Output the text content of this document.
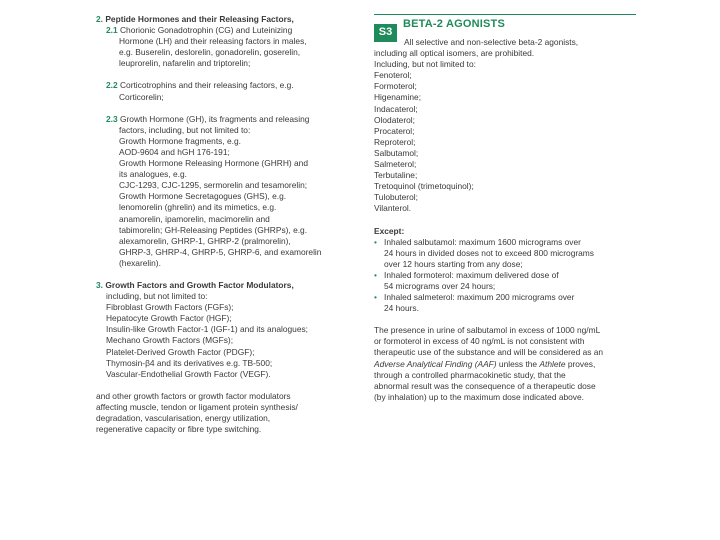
2. Peptide Hormones and their Releasing Factors,
2.1 Chorionic Gonadotrophin (CG) and Luteinizing
Hormone (LH) and their releasing factors in males,
e.g. Buserelin, deslorelin, gonadorelin, goserelin,
leuprorelin, nafarelin and triptorelin;
2.2 Corticotrophins and their releasing factors, e.g.
Corticorelin;
2.3 Growth Hormone (GH), its fragments and releasing
factors, including, but not limited to:
Growth Hormone fragments, e.g.
AOD-9604 and hGH 176-191;
Growth Hormone Releasing Hormone (GHRH) and
its analogues, e.g.
CJC-1293, CJC-1295, sermorelin and tesamorelin;
Growth Hormone Secretagogues (GHS), e.g.
lenomorelin (ghrelin) and its mimetics, e.g.
anamorelin, ipamorelin, macimorelin and
tabimorelin; GH-Releasing Peptides (GHRPs), e.g.
alexamorelin, GHRP-1, GHRP-2 (pralmorelin),
GHRP-3, GHRP-4, GHRP-5, GHRP-6, and examorelin
(hexarelin).
3. Growth Factors and Growth Factor Modulators,
including, but not limited to:
Fibroblast Growth Factors (FGFs);
Hepatocyte Growth Factor (HGF);
Insulin-like Growth Factor-1 (IGF-1) and its analogues;
Mechano Growth Factors (MGFs);
Platelet-Derived Growth Factor (PDGF);
Thymosin-β4 and its derivatives e.g. TB-500;
Vascular-Endothelial Growth Factor (VEGF).
and other growth factors or growth factor modulators
affecting muscle, tendon or ligament protein synthesis/
degradation, vascularisation, energy utilization,
regenerative capacity or fibre type switching.
S3
BETA-2 AGONISTS
All selective and non-selective beta-2 agonists,
including all optical isomers, are prohibited.
Including, but not limited to:
Fenoterol;
Formoterol;
Higenamine;
Indacaterol;
Olodaterol;
Procaterol;
Reproterol;
Salbutamol;
Salmeterol;
Terbutaline;
Tretoquinol (trimetoquinol);
Tulobuterol;
Vilanterol.
Except:
• Inhaled salbutamol: maximum 1600 micrograms over
24 hours in divided doses not to exceed 800 micrograms
over 12 hours starting from any dose;
• Inhaled formoterol: maximum delivered dose of
54 micrograms over 24 hours;
• Inhaled salmeterol: maximum 200 micrograms over
24 hours.
The presence in urine of salbutamol in excess of 1000 ng/mL
or formoterol in excess of 40 ng/mL is not consistent with
therapeutic use of the substance and will be considered as an
Adverse Analytical Finding (AAF) unless the Athlete proves,
through a controlled pharmacokinetic study, that the
abnormal result was the consequence of a therapeutic dose
(by inhalation) up to the maximum dose indicated above.
